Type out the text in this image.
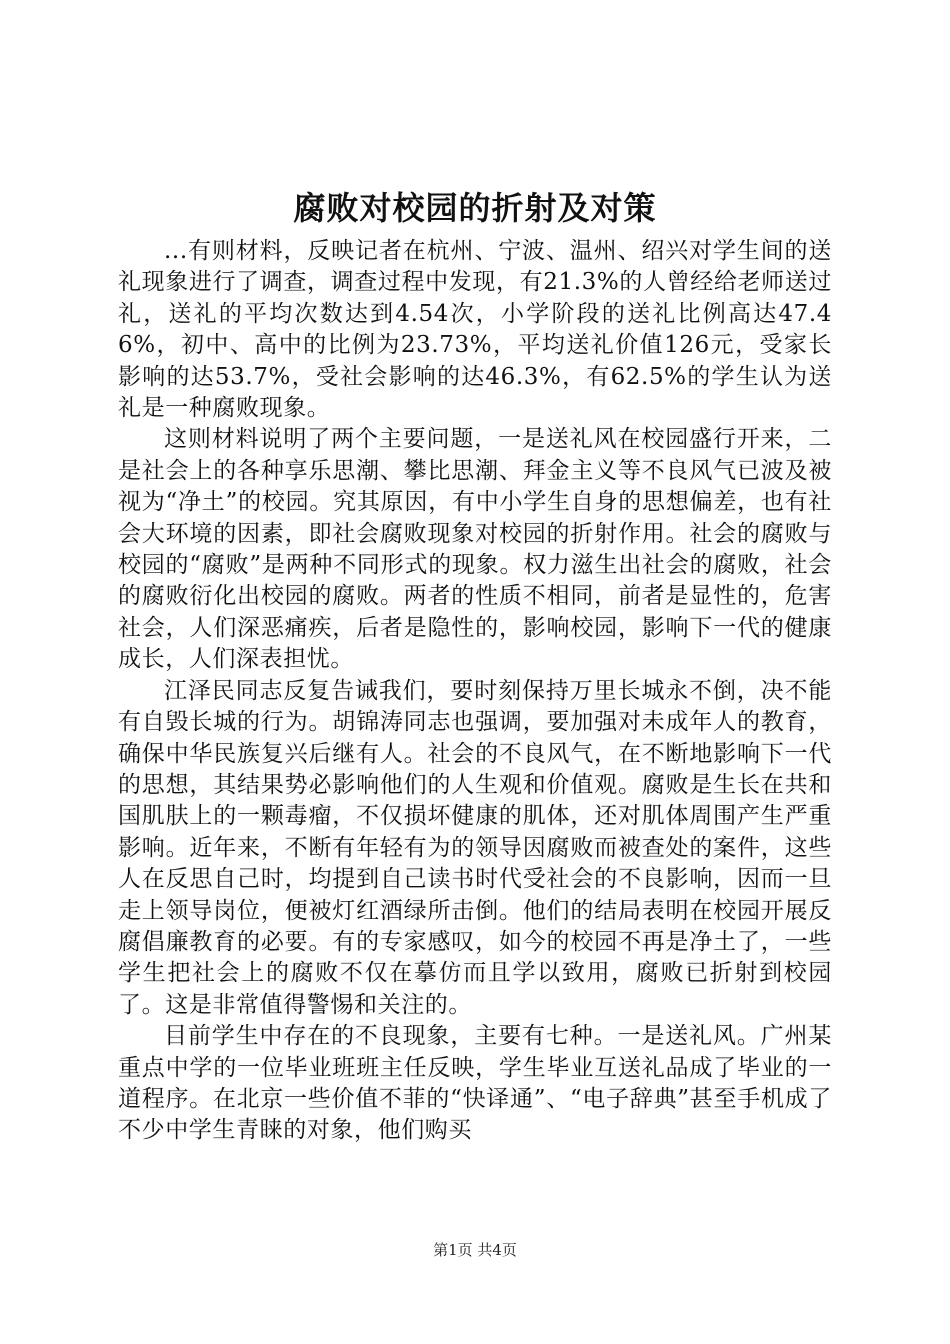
腐败对校园的折射及对策

...有则材料，反映记者在杭州、宁波、温州、绍兴对学生间的送礼现象进行了调查，调查过程中发现，有21.3%的人曾经给老师送过礼，送礼的平均次数达到4.54次，小学阶段的送礼比例高达47.46%，初中、高中的比例为23.73%，平均送礼价值126元，受家长影响的达53.7%，受社会影响的达46.3%，有62.5%的学生认为送礼是一种腐败现象。

这则材料说明了两个主要问题，一是送礼风在校园盛行开来，二是社会上的各种享乐思潮、攀比思潮、拜金主义等不良风气已波及被视为“净土”的校园。究其原因，有中小学生自身的思想偏差，也有社会大环境的因素，即社会腐败现象对校园的折射作用。社会的腐败与校园的“腐败”是两种不同形式的现象。权力滋生出社会的腐败，社会的腐败衍化出校园的腐败。两者的性质不相同，前者是显性的，危害社会，人们深恶痛疾，后者是隐性的，影响校园，影响下一代的健康成长，人们深表担忧。

江泽民同志反复告诫我们，要时刻保持万里长城永不倒，决不能有自毁长城的行为。胡锦涛同志也强调，要加强对未成年人的教育，确保中华民族复兴后继有人。社会的不良风气，在不断地影响下一代的思想，其结果势必影响他们的人生观和价值观。腐败是生长在共和国肌肤上的一颗毒瘤，不仅损坏健康的肌体，还对肌体周围产生严重影响。近年来，不断有年轻有为的领导因腐败而被查处的案件，这些人在反思自己时，均提到自己读书时代受社会的不良影响，因而一旦走上领导岗位，便被灯红酒绿所击倒。他们的结局表明在校园开展反腐倡廉教育的必要。有的专家感叹，如今的校园不再是净土了，一些学生把社会上的腐败不仅在摹仿而且学以致用，腐败已折射到校园了。这是非常值得警惕和关注的。

目前学生中存在的不良现象，主要有七种。一是送礼风。广州某重点中学的一位毕业班班主任反映，学生毕业互送礼品成了毕业的一道程序。在北京一些价值不菲的“快译通”、“电子辞典”甚至手机成了不少中学生青睐的对象，他们购买

第1页 共4页
